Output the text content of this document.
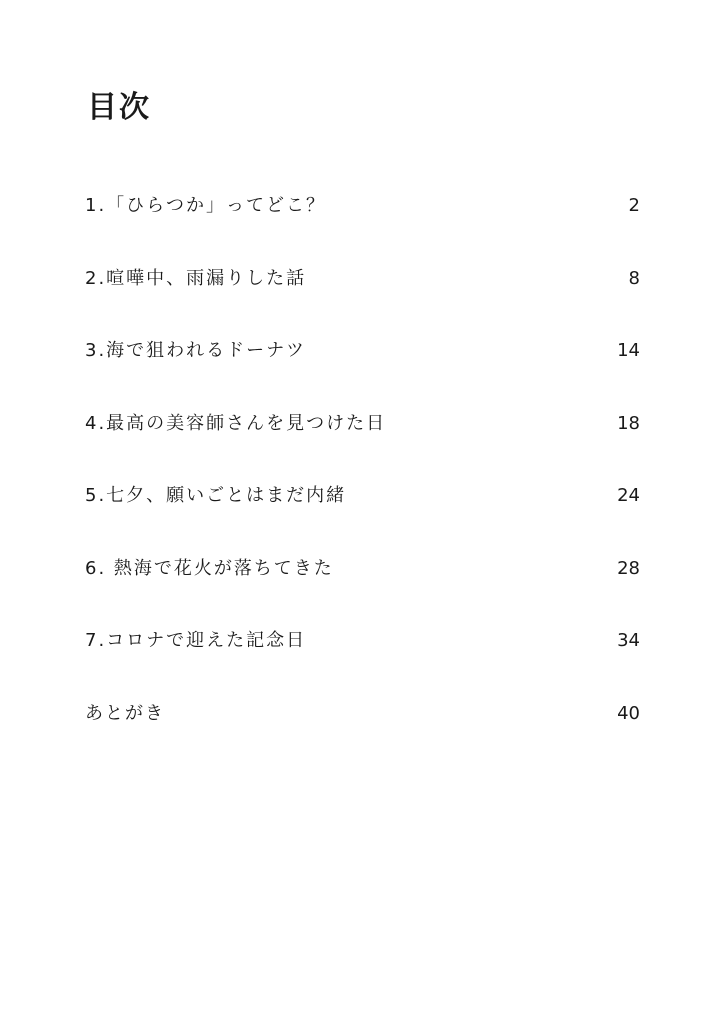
目次
1.「ひらつか」ってどこ？	2
2.喧嘩中、雨漏りした話	8
3.海で狙われるドーナツ	14
4.最高の美容師さんを見つけた日	18
5.七夕、願いごとはまだ内緒	24
6. 熱海で花火が落ちてきた	28
7.コロナで迎えた記念日	34
あとがき	40
